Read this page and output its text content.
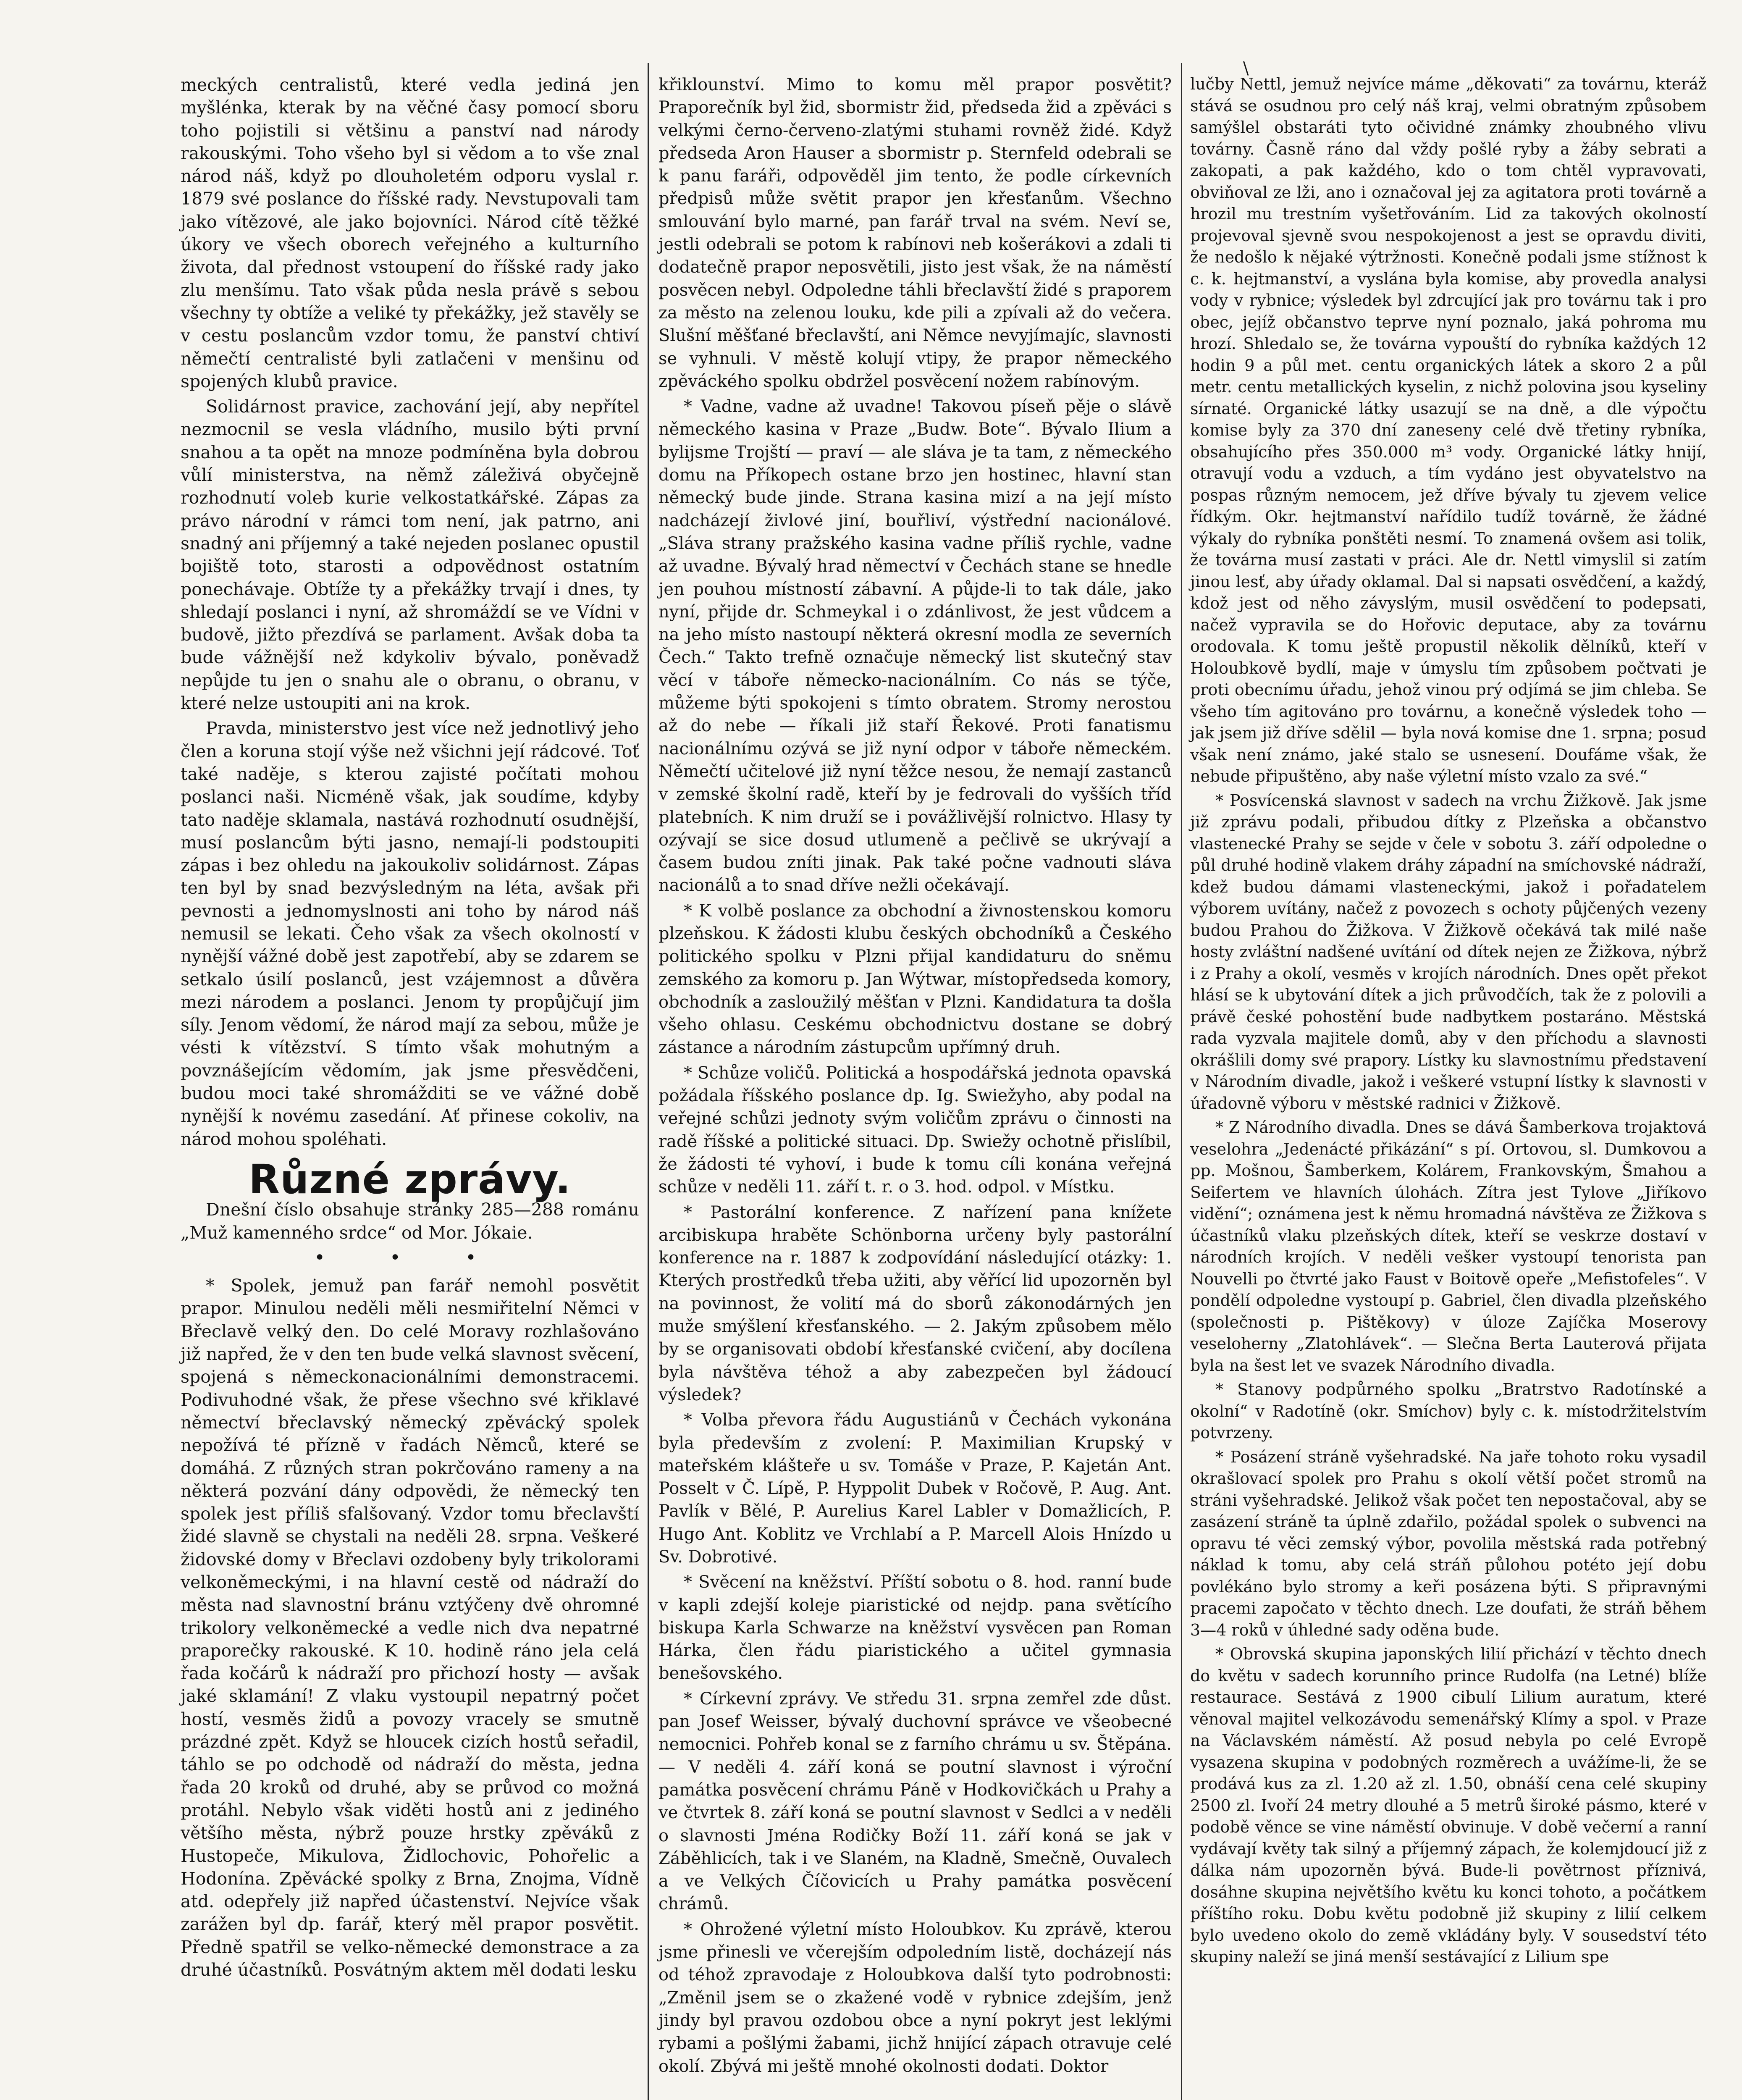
meckých centralistů, které vedla jediná jen myšlénka, kterak by na věčné časy pomocí sboru toho pojistili si většinu a panství nad národy rakouskými. Toho všeho byl si vědom a to vše znal národ náš, když po dlouholetém odporu vyslal r. 1879 své poslance do říšské rady. Nevstupovali tam jako vítězové, ale jako bojovníci. Národ cítě těžké úkory ve všech oborech veřejného a kulturního života, dal přednost vstoupení do říšské rady jako zlu menšímu. Tato však půda nesla právě s sebou všechny ty obtíže a veliké ty překážky, jež stavěly se v cestu poslancům vzdor tomu, že panství chtiví němečtí centralisté byli zatlačeni v menšinu od spojených klubů pravice.

Solidárnost pravice, zachování její, aby nepřítel nezmocnil se vesla vládního, musilo býti první snahou a ta opět na mnoze podmíněna byla dobrou vůlí ministerstva, na němž záleživá obyčejně rozhodnutí voleb kurie velkostatkářské. Zápas za právo národní v rámci tom není, jak patrno, ani snadný ani příjemný a také nejeden poslanec opustil bojiště toto, starosti a odpovědnost ostatním ponechávaje. Obtíže ty a překážky trvají i dnes, ty shledají poslanci i nyní, až shromáždí se ve Vídni v budově, jižto přezdívá se parlament. Avšak doba ta bude vážnější než kdykoliv bývalo, poněvadž nepůjde tu jen o snahu ale o obranu, o obranu, v které nelze ustoupiti ani na krok.

Pravda, ministerstvo jest více než jednotlivý jeho člen a koruna stojí výše než všichni její rádcové. Toť také naděje, s kterou zajisté počítati mohou poslanci naši. Nicméně však, jak soudíme, kdyby tato naděje sklamala, nastává rozhodnutí osudnější, musí poslancům býti jasno, nemají-li podstoupiti zápas i bez ohledu na jakoukoliv solidárnost. Zápas ten byl by snad bezvýsledným na léta, avšak při pevnosti a jednomyslnosti ani toho by národ náš nemusil se lekati. Čeho však za všech okolností v nynější vážné době jest zapotřebí, aby se zdarem se setkalo úsilí poslanců, jest vzájemnost a důvěra mezi národem a poslanci. Jenom ty propůjčují jim síly. Jenom vědomí, že národ mají za sebou, může je vésti k vítězství. S tímto však mohutným a povznášejícím vědomím, jak jsme přesvědčeni, budou moci také shromážditi se ve vážné době nynější k novému zasedání. Ať přinese cokoliv, na národ mohou spoléhati.

Různé zprávy.

Dnešní číslo obsahuje stránky 285—288 románu „Muž kamenného srdce“ od Mor. Jókaie.

• • •

* Spolek, jemuž pan farář nemohl posvětit prapor. Minulou neděli měli nesmiřitelní Němci v Břeclavě velký den. Do celé Moravy rozhlašováno již napřed, že v den ten bude velká slavnost svěcení, spojená s německonacionálními demonstracemi. Podivuhodné však, že přese všechno své křiklavé němectví břeclavský německý zpěvácký spolek nepožívá té přízně v řadách Němců, které se domáhá. Z různých stran pokrčováno rameny a na některá pozvání dány odpovědi, že německý ten spolek jest příliš sfalšovaný. Vzdor tomu břeclavští židé slavně se chystali na neděli 28. srpna. Veškeré židovské domy v Břeclavi ozdobeny byly trikolorami velkoněmeckými, i na hlavní cestě od nádraží do města nad slavnostní bránu vztýčeny dvě ohromné trikolory velkoněmecké a vedle nich dva nepatrné praporečky rakouské. K 10. hodině ráno jela celá řada kočárů k nádraží pro přichozí hosty — avšak jaké sklamání! Z vlaku vystoupil nepatrný počet hostí, vesměs židů a povozy vracely se smutně prázdné zpět. Když se hloucek cizích hostů seřadil, táhlo se po odchodě od nádraží do města, jedna řada 20 kroků od druhé, aby se průvod co možná protáhl. Nebylo však viděti hostů ani z jediného většího města, nýbrž pouze hrstky zpěváků z Hustopeče, Mikulova, Židlochovic, Pohořelic a Hodonína. Zpěvácké spolky z Brna, Znojma, Vídně atd. odepřely již napřed účastenství. Nejvíce však zarážen byl dp. farář, který měl prapor posvětit. Předně spatřil se velko-německé demonstrace a za druhé účastníků. Posvátným aktem měl dodati lesku

křiklounství. Mimo to komu měl prapor posvětit? Praporečník byl žid, sbormistr žid, předseda žid a zpěváci s velkými černo-červeno-zlatými stuhami rovněž židé. Když předseda Aron Hauser a sbormistr p. Sternfeld odebrali se k panu faráři, odpověděl jim tento, že podle církevních předpisů může světit prapor jen křesťanům. Všechno smlouvání bylo marné, pan farář trval na svém. Neví se, jestli odebrali se potom k rabínovi neb košerákovi a zdali ti dodatečně prapor neposvětili, jisto jest však, že na náměstí posvěcen nebyl. Odpoledne táhli břeclavští židé s praporem za město na zelenou louku, kde pili a zpívali až do večera. Slušní měšťané břeclavští, ani Němce nevyjímajíc, slavnosti se vyhnuli. V městě kolují vtipy, že prapor německého zpěváckého spolku obdržel posvěcení nožem rabínovým.

* Vadne, vadne až uvadne! Takovou píseň pěje o slávě německého kasina v Praze „Budw. Bote“. Bývalo Ilium a bylijsme Trojští — praví — ale sláva je ta tam, z německého domu na Příkopech ostane brzo jen hostinec, hlavní stan německý bude jinde. Strana kasina mizí a na její místo nadcházejí živlové jiní, bouřliví, výstřední nacionálové. „Sláva strany pražského kasina vadne příliš rychle, vadne až uvadne. Bývalý hrad němectví v Čechách stane se hnedle jen pouhou místností zábavní. A půjde-li to tak dále, jako nyní, přijde dr. Schmeykal i o zdánlivost, že jest vůdcem a na jeho místo nastoupí některá okresní modla ze severních Čech.“ Takto trefně označuje německý list skutečný stav věcí v táboře německo-nacionálním. Co nás se týče, můžeme býti spokojeni s tímto obratem. Stromy nerostou až do nebe — říkali již staří Řekové. Proti fanatismu nacionálnímu ozývá se již nyní odpor v táboře německém. Němečtí učitelové již nyní těžce nesou, že nemají zastanců v zemské školní radě, kteří by je fedrovali do vyšších tříd platebních. K nim druží se i povážlivější rolnictvo. Hlasy ty ozývají se sice dosud utlumeně a pečlivě se ukrývají a časem budou zníti jinak. Pak také počne vadnouti sláva nacionálů a to snad dříve nežli očekávají.

* K volbě poslance za obchodní a živnostenskou komoru plzeňskou. K žádosti klubu českých obchodníků a Českého politického spolku v Plzni přijal kandidaturu do sněmu zemského za komoru p. Jan Wýtwar, místopředseda komory, obchodník a zasloužilý měšťan v Plzni. Kandidatura ta došla všeho ohlasu. Ceskému obchodnictvu dostane se dobrý zástance a národním zástupcům upřímný druh.

* Schůze voličů. Politická a hospodářská jednota opavská požádala říšského poslance dp. Ig. Swiežyho, aby podal na veřejné schůzi jednoty svým voličům zprávu o činnosti na radě říšské a politické situaci. Dp. Swiežy ochotně přislíbil, že žádosti té vyhoví, i bude k tomu cíli konána veřejná schůze v neděli 11. září t. r. o 3. hod. odpol. v Místku.

* Pastorální konference. Z nařízení pana knížete arcibiskupa hraběte Schönborna určeny byly pastorální konference na r. 1887 k zodpovídání následující otázky: 1. Kterých prostředků třeba užiti, aby věřící lid upozorněn byl na povinnost, že volití má do sborů zákonodárných jen muže smýšlení křesťanského. — 2. Jakým způsobem mělo by se organisovati období křesťanské cvičení, aby docílena byla návštěva téhož a aby zabezpečen byl žádoucí výsledek?

* Volba převora řádu Augustiánů v Čechách vykonána byla především z zvolení: P. Maximilian Krupský v mateřském klášteře u sv. Tomáše v Praze, P. Kajetán Ant. Posselt v Č. Lípě, P. Hyppolit Dubek v Ročově, P. Aug. Ant. Pavlík v Bělé, P. Aurelius Karel Labler v Domažlicích, P. Hugo Ant. Koblitz ve Vrchlabí a P. Marcell Alois Hnízdo u Sv. Dobrotivé.

* Svěcení na kněžství. Příští sobotu o 8. hod. ranní bude v kapli zdejší koleje piaristické od nejdp. pana světícího biskupa Karla Schwarze na kněžství vysvěcen pan Roman Hárka, člen řádu piaristického a učitel gymnasia benešovského.

* Církevní zprávy. Ve středu 31. srpna zemřel zde důst. pan Josef Weisser, bývalý duchovní správce ve všeobecné nemocnici. Pohřeb konal se z farního chrámu u sv. Štěpána. — V neděli 4. září koná se poutní slavnost i výroční památka posvěcení chrámu Páně v Hodkovičkách u Prahy a ve čtvrtek 8. září koná se poutní slavnost v Sedlci a v neděli o slavnosti Jména Rodičky Boží 11. září koná se jak v Záběhlicích, tak i ve Slaném, na Kladně, Smečně, Ouvalech a ve Velkých Číčovicích u Prahy památka posvěcení chrámů.

* Ohrožené výletní místo Holoubkov. Ku zprávě, kterou jsme přinesli ve včerejším odpoledním listě, docházejí nás od téhož zpravodaje z Holoubkova další tyto podrobnosti: „Změnil jsem se o zkažené vodě v rybnice zdejším, jenž jindy byl pravou ozdobou obce a nyní pokryt jest leklými rybami a pošlými žabami, jichž hnijící zápach otravuje celé okolí. Zbývá mi ještě mnohé okolnosti dodati. Doktor

lučby Nettl, jemuž nejvíce máme „děkovati“ za továrnu, kteráž stává se osudnou pro celý náš kraj, velmi obratným způsobem samýšlel obstaráti tyto očividné známky zhoubného vlivu továrny. Časně ráno dal vždy pošlé ryby a žáby sebrati a zakopati, a pak každého, kdo o tom chtěl vypravovati, obviňoval ze lži, ano i označoval jej za agitatora proti továrně a hrozil mu trestním vyšetřováním. Lid za takových okolností projevoval sjevně svou nespokojenost a jest se opravdu diviti, že nedošlo k nějaké výtržnosti. Konečně podali jsme stížnost k c. k. hejtmanství, a vyslána byla komise, aby provedla analysi vody v rybnice; výsledek byl zdrcující jak pro továrnu tak i pro obec, jejíž občanstvo teprve nyní poznalo, jaká pohroma mu hrozí. Shledalo se, že továrna vypouští do rybníka každých 12 hodin 9 a půl met. centu organických látek a skoro 2 a půl metr. centu metallických kyselin, z nichž polovina jsou kyseliny sírnaté. Organické látky usazují se na dně, a dle výpočtu komise byly za 370 dní zaneseny celé dvě třetiny rybníka, obsahujícího přes 350.000 m³ vody. Organické látky hnijí, otravují vodu a vzduch, a tím vydáno jest obyvatelstvo na pospas různým nemocem, jež dříve bývaly tu zjevem velice řídkým. Okr. hejtmanství nařídilo tudíž továrně, že žádné výkaly do rybníka ponštěti nesmí. To znamená ovšem asi tolik, že továrna musí zastati v práci. Ale dr. Nettl vimyslil si zatím jinou lesť, aby úřady oklamal. Dal si napsati osvědčení, a každý, kdož jest od něho závyslým, musil osvědčení to podepsati, načež vypravila se do Hořovic deputace, aby za továrnu orodovala. K tomu ještě propustil několik dělníků, kteří v Holoubkově bydlí, maje v úmyslu tím způsobem počtvati je proti obecnímu úřadu, jehož vinou prý odjímá se jim chleba. Se všeho tím agitováno pro továrnu, a konečně výsledek toho — jak jsem již dříve sdělil — byla nová komise dne 1. srpna; posud však není známo, jaké stalo se usnesení. Doufáme však, že nebude připuštěno, aby naše výletní místo vzalo za své.“

* Posvícenská slavnost v sadech na vrchu Žižkově. Jak jsme již zprávu podali, přibudou dítky z Plzeňska a občanstvo vlastenecké Prahy se sejde v čele v sobotu 3. září odpoledne o půl druhé hodině vlakem dráhy západní na smíchovské nádraží, kdež budou dámami vlasteneckými, jakož i pořadatelem výborem uvítány, načež z povozech s ochoty půjčených vezeny budou Prahou do Žižkova. V Žižkově očekává tak milé naše hosty zvláštní nadšené uvítání od dítek nejen ze Žižkova, nýbrž i z Prahy a okolí, vesměs v krojích národních. Dnes opět překot hlásí se k ubytování dítek a jich průvodčích, tak že z polovili a právě české pohostění bude nadbytkem postaráno. Městská rada vyzvala majitele domů, aby v den příchodu a slavnosti okrášlili domy své prapory. Lístky ku slavnostnímu představení v Národním divadle, jakož i veškeré vstupní lístky k slavnosti v úřadovně výboru v městské radnici v Žižkově.

* Z Národního divadla. Dnes se dává Šamberkova trojaktová veselohra „Jedenácté přikázání“ s pí. Ortovou, sl. Dumkovou a pp. Mošnou, Šamberkem, Kolárem, Frankovským, Šmahou a Seifertem ve hlavních úlohách. Zítra jest Tylove „Jiříkovo vidění“; oznámena jest k němu hromadná návštěva ze Žižkova s účastníků vlaku plzeňských dítek, kteří se veskrze dostaví v národních krojích. V neděli vešker vystoupí tenorista pan Nouvelli po čtvrté jako Faust v Boitově opeře „Mefistofeles“. V pondělí odpoledne vystoupí p. Gabriel, člen divadla plzeňského (společnosti p. Pištěkovy) v úloze Zajíčka Moserovy veseloherny „Zlatohlávek“. — Slečna Berta Lauterová přijata byla na šest let ve svazek Národního divadla.

* Stanovy podpůrného spolku „Bratrstvo Radotínské a okolní“ v Radotíně (okr. Smíchov) byly c. k. místodržitelstvím potvrzeny.

* Posázení stráně vyšehradské. Na jaře tohoto roku vysadil okrašlovací spolek pro Prahu s okolí větší počet stromů na stráni vyšehradské. Jelikož však počet ten nepostačoval, aby se zasázení stráně ta úplně zdařilo, požádal spolek o subvenci na opravu té věci zemský výbor, povolila městská rada potřebný náklad k tomu, aby celá stráň půlohou potéto její dobu povlékáno bylo stromy a keři posázena býti. S připravnými pracemi započato v těchto dnech. Lze doufati, že stráň během 3—4 roků v úhledné sady oděna bude.

* Obrovská skupina japonských lilií přichází v těchto dnech do květu v sadech korunního prince Rudolfa (na Letné) blíže restaurace. Sestává z 1900 cibulí Lilium auratum, které věnoval majitel velkozávodu semenářský Klímy a spol. v Praze na Václavském náměstí. Až posud nebyla po celé Evropě vysazena skupina v podobných rozměrech a uvážíme-li, že se prodává kus za zl. 1.20 až zl. 1.50, obnáší cena celé skupiny 2500 zl. Ivoří 24 metry dlouhé a 5 metrů široké pásmo, které v podobě věnce se vine náměstí obvinuje. V době večerní a ranní vydávají květy tak silný a příjemný zápach, že kolemjdoucí již z dálka nám upozorněn bývá. Bude-li povětrnost příznivá, dosáhne skupina největšího květu ku konci tohoto, a počátkem příštího roku. Dobu květu podobně již skupiny z lilií celkem bylo uvedeno okolo do země vkládány byly. V sousedství této skupiny naleží se jiná menší sestávající z Lilium spe

\
